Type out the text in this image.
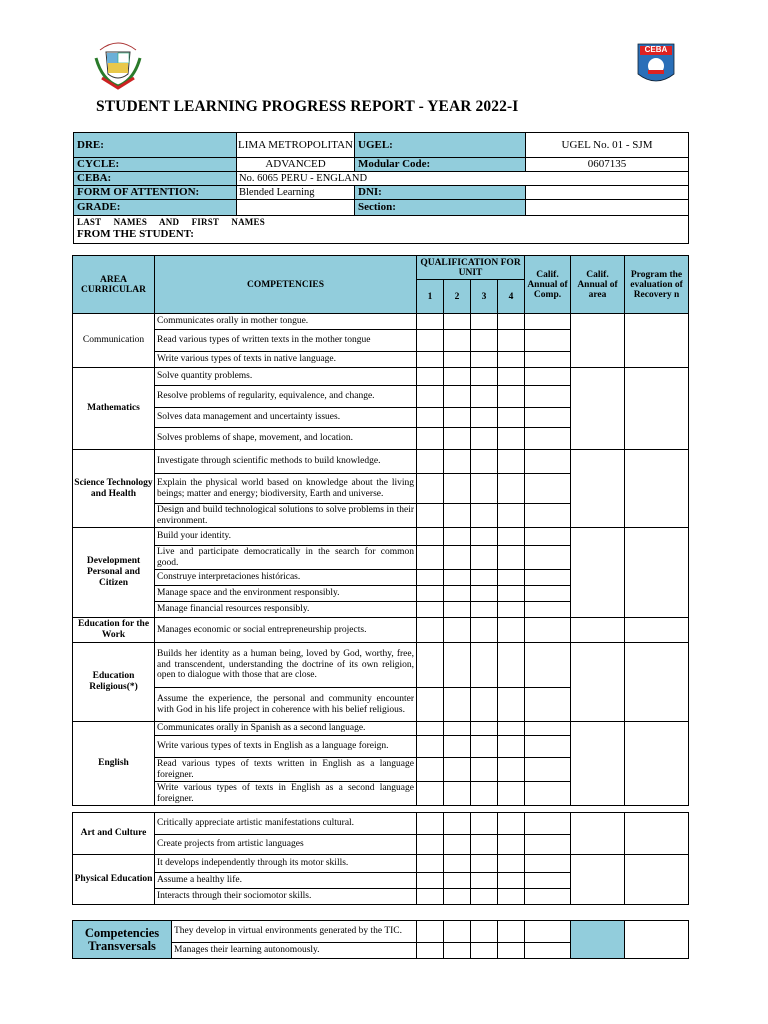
CEBA
STUDENT LEARNING PROGRESS REPORT - YEAR 2022-I
DRE:	LIMA METROPOLITAN	UGEL:	UGEL No. 01 - SJM
CYCLE:	ADVANCED	Modular Code:	0607135
CEBA:	No. 6065 PERU - ENGLAND		
FORM OF ATTENTION:	Blended Learning	DNI:	
GRADE:		Section:	

LAST NAMES AND FIRST NAMES
FROM THE STUDENT:			
AREA CURRICULAR	COMPETENCIES	QUALIFICATION FOR UNIT				Calif. Annual of Comp.	Calif. Annual of area	Program the evaluation of Recovery n
		1	2	3	4			
Communication	Communicates orally in mother tongue.							
	Read various types of written texts in the mother tongue							
	Write various types of texts in native language.							
Mathematics	Solve quantity problems.							
	Resolve problems of regularity, equivalence, and change.							
	Solves data management and uncertainty issues.							
	Solves problems of shape, movement, and location.							
Science Technology and Health	Investigate through scientific methods to build knowledge.							
	Explain the physical world based on knowledge about the living beings; matter and energy; biodiversity, Earth and universe.							
	Design and build technological solutions to solve problems in their environment.							
Development Personal and Citizen	Build your identity.							
	Live and participate democratically in the search for common good.							
	Construye interpretaciones históricas.							
	Manage space and the environment responsibly.							
	Manage financial resources responsibly.							
Education for the Work	Manages economic or social entrepreneurship projects.							
Education Religious(*)	Builds her identity as a human being, loved by God, worthy, free, and transcendent, understanding the doctrine of its own religion, open to dialogue with those that are close.							
	Assume the experience, the personal and community encounter with God in his life project in coherence with his belief religious.							
English	Communicates orally in Spanish as a second language.							
	Write various types of texts in English as a language foreign.							
	Read various types of texts written in English as a language foreigner.							
	Write various types of texts in English as a second language foreigner.							
Art and Culture	Critically appreciate artistic manifestations cultural.							
	Create projects from artistic languages							
Physical Education	It develops independently through its motor skills.							
	Assume a healthy life.							
	Interacts through their sociomotor skills.							
Competencies Transversals	They develop in virtual environments generated by the TIC.							
	Manages their learning autonomously.							
